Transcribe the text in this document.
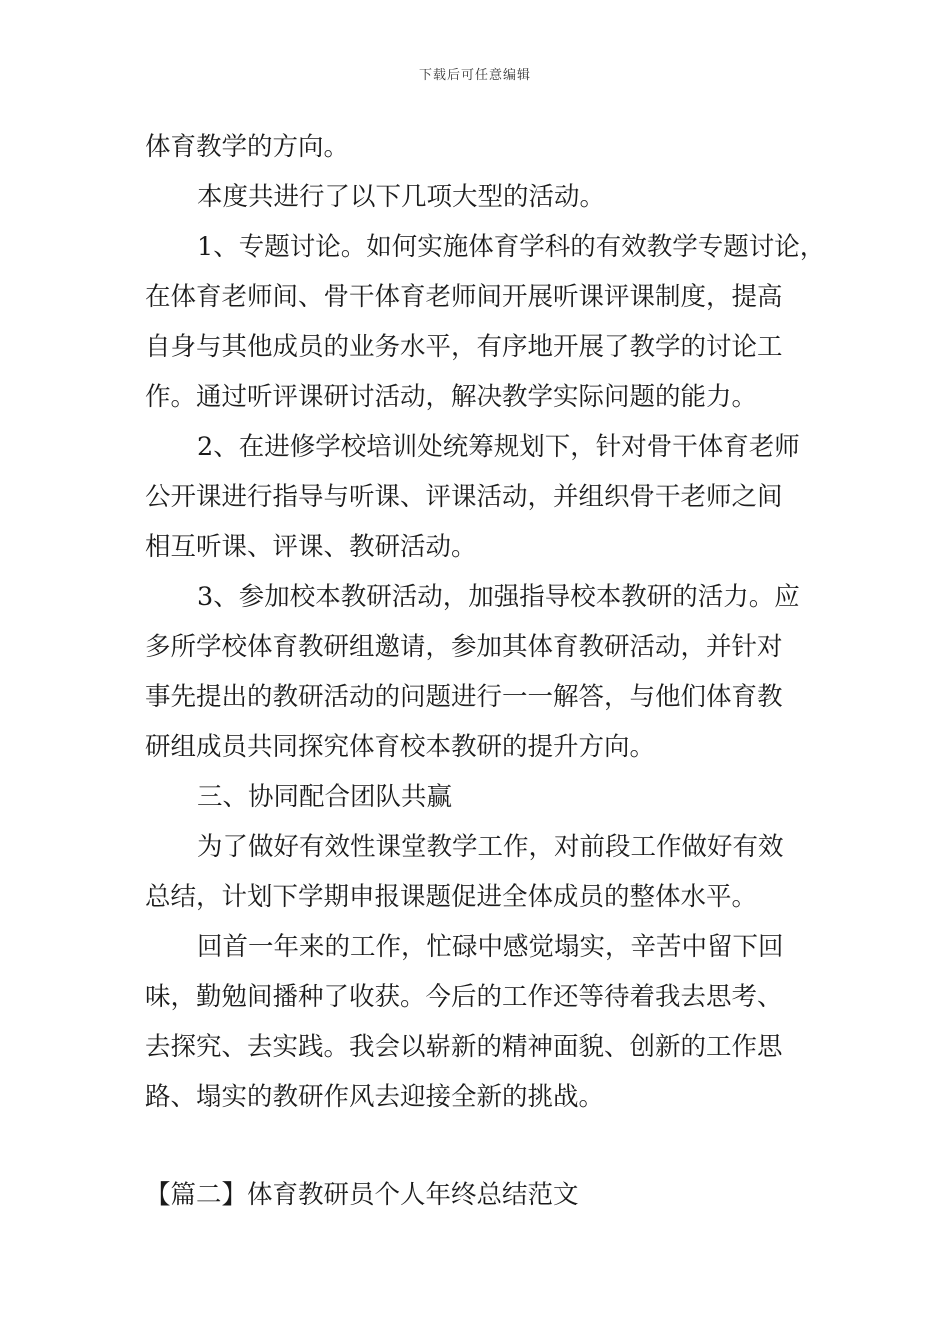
下载后可任意编辑
体育教学的方向。
本度共进行了以下几项大型的活动。
1、专题讨论。如何实施体育学科的有效教学专题讨论，
在体育老师间、骨干体育老师间开展听课评课制度，提高
自身与其他成员的业务水平，有序地开展了教学的讨论工
作。通过听评课研讨活动，解决教学实际问题的能力。
2、在进修学校培训处统筹规划下，针对骨干体育老师
公开课进行指导与听课、评课活动，并组织骨干老师之间
相互听课、评课、教研活动。
3、参加校本教研活动，加强指导校本教研的活力。应
多所学校体育教研组邀请，参加其体育教研活动，并针对
事先提出的教研活动的问题进行一一解答，与他们体育教
研组成员共同探究体育校本教研的提升方向。
三、协同配合团队共赢
为了做好有效性课堂教学工作，对前段工作做好有效
总结，计划下学期申报课题促进全体成员的整体水平。
回首一年来的工作，忙碌中感觉塌实，辛苦中留下回
味，勤勉间播种了收获。今后的工作还等待着我去思考、
去探究、去实践。我会以崭新的精神面貌、创新的工作思
路、塌实的教研作风去迎接全新的挑战。
【篇二】体育教研员个人年终总结范文
